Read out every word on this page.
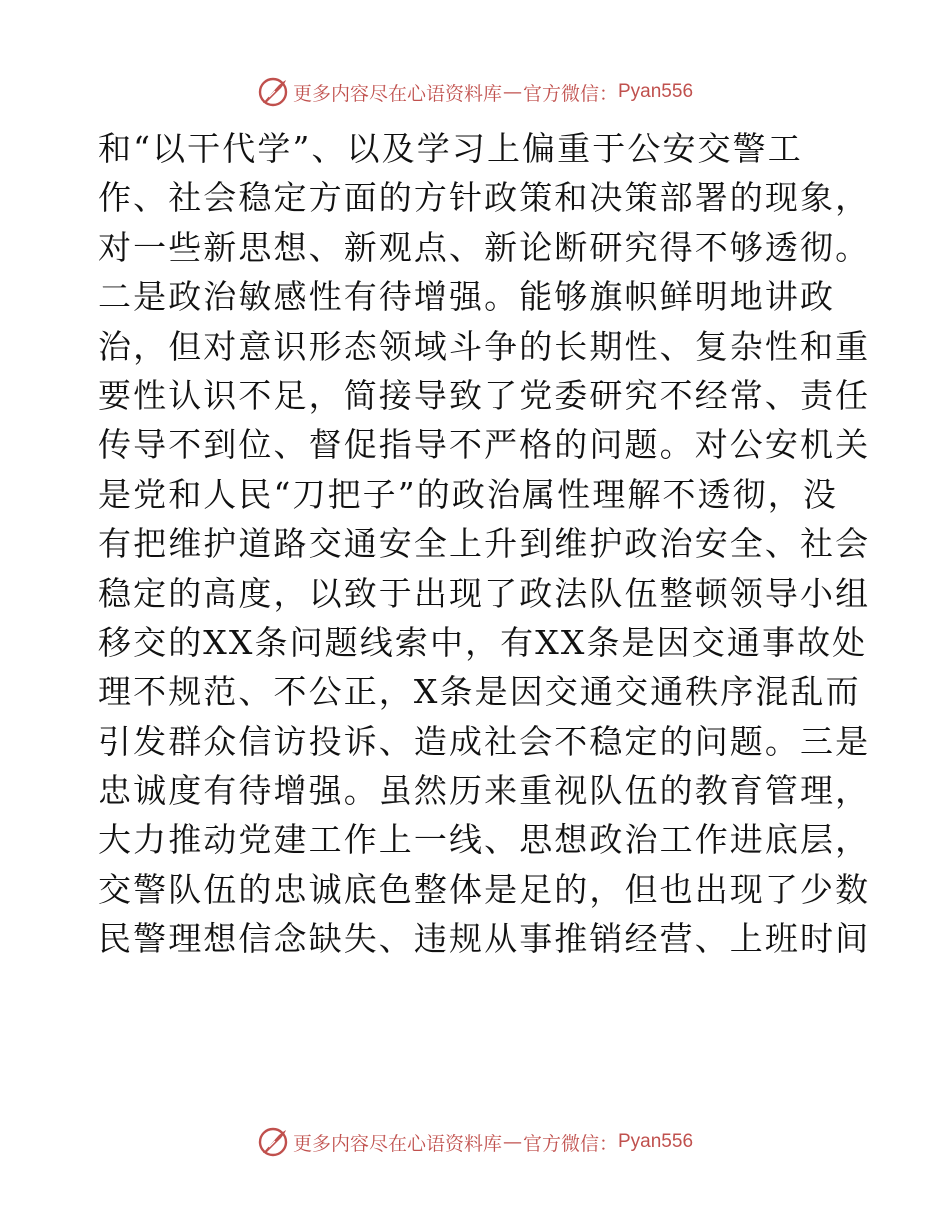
更多内容尽在心语资料库 — 官方微信： Pyan556
和“以干代学”、以及学习上偏重于公安交警工
作、社会稳定方面的方针政策和决策部署的现象，
对一些新思想、新观点、新论断研究得不够透彻。
二是政治敏感性有待增强。能够旗帜鲜明地讲政
治，但对意识形态领域斗争的长期性、复杂性和重
要性认识不足，简接导致了党委研究不经常、责任
传导不到位、督促指导不严格的问题。对公安机关
是党和人民“刀把子”的政治属性理解不透彻，没
有把维护道路交通安全上升到维护政治安全、社会
稳定的高度，以致于出现了政法队伍整顿领导小组
移交的XX条问题线索中，有XX条是因交通事故处
理不规范、不公正，X条是因交通交通秩序混乱而
引发群众信访投诉、造成社会不稳定的问题。三是
忠诚度有待增强。虽然历来重视队伍的教育管理，
大力推动党建工作上一线、思想政治工作进底层，
交警队伍的忠诚底色整体是足的，但也出现了少数
民警理想信念缺失、违规从事推销经营、上班时间
更多内容尽在心语资料库 — 官方微信： Pyan556
